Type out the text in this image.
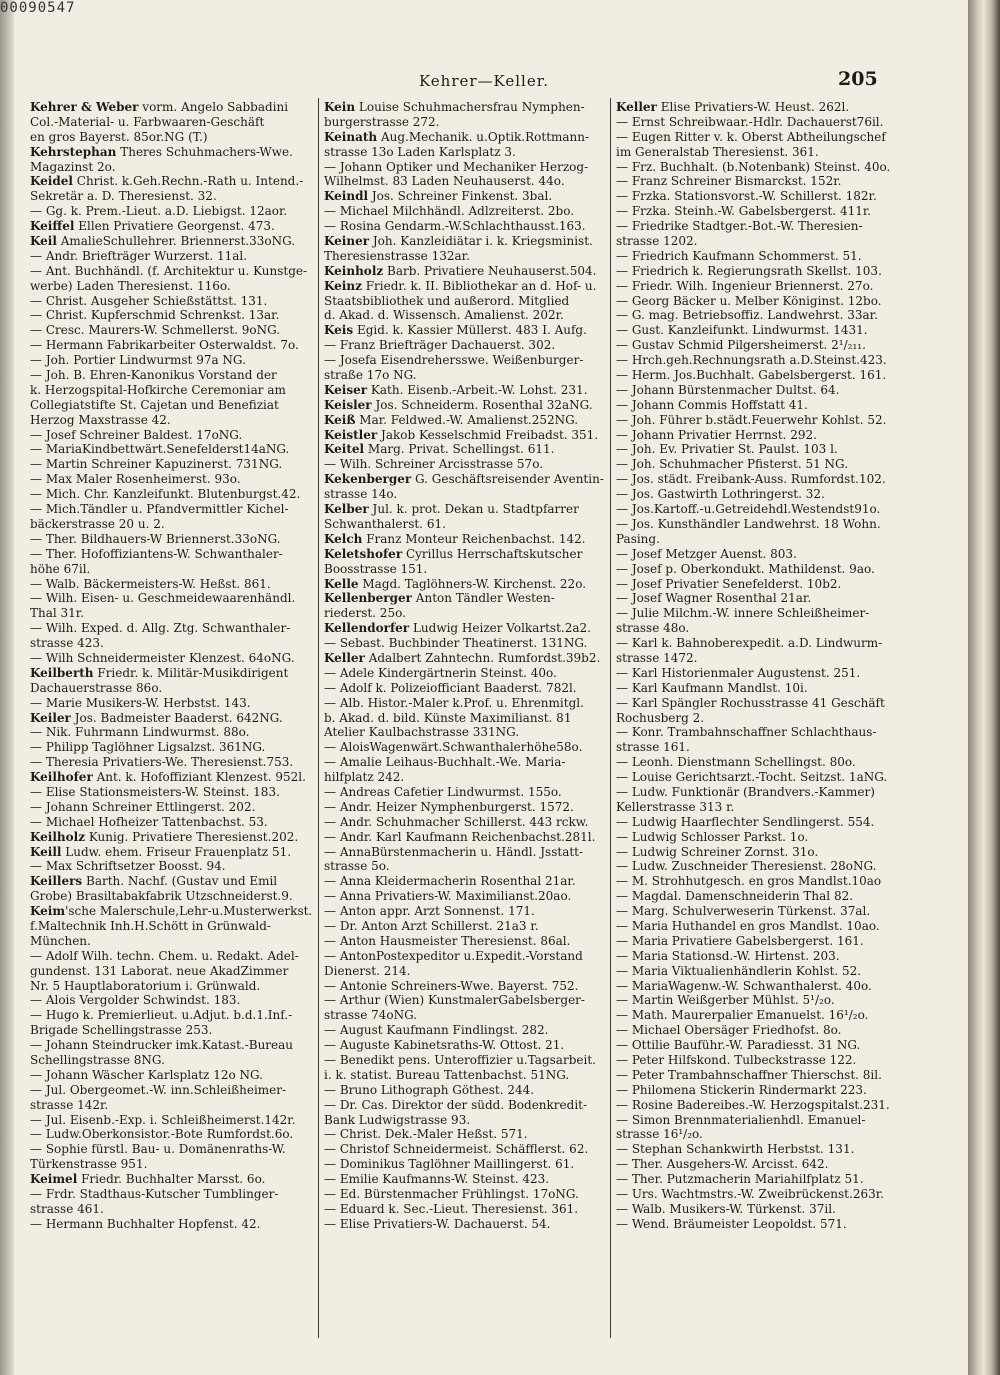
00090547
Kehrer—Keller.	205
Kehrer & Weber vorm. Angelo Sabbadini
Col.-Material- u. Farbwaaren-Geschäft
en gros Bayerst. 85or.NG (T.)
Kehrstephan Theres Schuhmachers-Wwe.
Magazinst 2o.
Keidel Christ. k.Geh.Rechn.-Rath u. Intend.-
Sekretär a. D. Theresienst. 32.
— Gg. k. Prem.-Lieut. a.D. Liebigst. 12aor.
Keiffel Ellen Privatiere Georgenst. 473.
Keil AmalieSchullehrer. Briennerst.33oNG.
— Andr. Briefträger Wurzerst. 11al.
— Ant. Buchhändl. (f. Architektur u. Kunstge-
werbe) Laden Theresienst. 116o.
— Christ. Ausgeher Schießstättst. 131.
— Christ. Kupferschmid Schrenkst. 13ar.
— Cresc. Maurers-W. Schmellerst. 9oNG.
— Hermann Fabrikarbeiter Osterwaldst. 7o.
— Joh. Portier Lindwurmst 97a NG.
— Joh. B. Ehren-Kanonikus Vorstand der
k. Herzogspital-Hofkirche Ceremoniar am
Collegiatstifte St. Cajetan und Benefiziat
Herzog Maxstrasse 42.
— Josef Schreiner Baldest. 17oNG.
— MariaKindbettwärt.Senefelderst14aNG.
— Martin Schreiner Kapuzinerst. 731NG.
— Max Maler Rosenheimerst. 93o.
— Mich. Chr. Kanzleifunkt. Blutenburgst.42.
— Mich.Tändler u. Pfandvermittler Kichel-
bäckerstrasse 20 u. 2.
— Ther. Bildhauers-W Briennerst.33oNG.
— Ther. Hofoffiziantens-W. Schwanthaler-
höhe 67il.
— Walb. Bäckermeisters-W. Heßst. 861.
— Wilh. Eisen- u. Geschmeidewaarenhändl.
Thal 31r.
— Wilh. Exped. d. Allg. Ztg. Schwanthaler-
strasse 423.
— Wilh Schneidermeister Klenzest. 64oNG.
Keilberth Friedr. k. Militär-Musikdirigent
Dachauerstrasse 86o.
— Marie Musikers-W. Herbstst. 143.
Keiler Jos. Badmeister Baaderst. 642NG.
— Nik. Fuhrmann Lindwurmst. 88o.
— Philipp Taglöhner Ligsalzst. 361NG.
— Theresia Privatiers-We. Theresienst.753.
Keilhofer Ant. k. Hofoffiziant Klenzest. 952l.
— Elise Stationsmeisters-W. Steinst. 183.
— Johann Schreiner Ettlingerst. 202.
— Michael Hofheizer Tattenbachst. 53.
Keilholz Kunig. Privatiere Theresienst.202.
Keill Ludw. ehem. Friseur Frauenplatz 51.
— Max Schriftsetzer Boosst. 94.
Keillers Barth. Nachf. (Gustav und Emil
Grobe) Brasiltabakfabrik Utzschneiderst.9.
Keim'sche Malerschule,Lehr-u.Musterwerkst.
f.Maltechnik Inh.H.Schött in Grünwald-
München.
— Adolf Wilh. techn. Chem. u. Redakt. Adel-
gundenst. 131 Laborat. neue AkadZimmer
Nr. 5 Hauptlaboratorium i. Grünwald.
— Alois Vergolder Schwindst. 183.
— Hugo k. Premierlieut. u.Adjut. b.d.1.Inf.-
Brigade Schellingstrasse 253.
— Johann Steindrucker imk.Katast.-Bureau
Schellingstrasse 8NG.
— Johann Wäscher Karlsplatz 12o NG.
— Jul. Obergeomet.-W. inn.Schleißheimer-
strasse 142r.
— Jul. Eisenb.-Exp. i. Schleißheimerst.142r.
— Ludw.Oberkonsistor.-Bote Rumfordst.6o.
— Sophie fürstl. Bau- u. Domänenraths-W.
Türkenstrasse 951.
Keimel Friedr. Buchhalter Marsst. 6o.
— Frdr. Stadthaus-Kutscher Tumblinger-
strasse 461.
— Hermann Buchhalter Hopfenst. 42.
Kein Louise Schuhmachersfrau Nymphen-
burgerstrasse 272.
Keinath Aug.Mechanik. u.Optik.Rottmann-
strasse 13o Laden Karlsplatz 3.
— Johann Optiker und Mechaniker Herzog-
Wilhelmst. 83 Laden Neuhauserst. 44o.
Keindl Jos. Schreiner Finkenst. 3bal.
— Michael Milchhändl. Adlzreiterst. 2bo.
— Rosina Gendarm.-W.Schlachthausst.163.
Keiner Joh. Kanzleidiätar i. k. Kriegsminist.
Theresienstrasse 132ar.
Keinholz Barb. Privatiere Neuhauserst.504.
Keinz Friedr. k. II. Bibliothekar an d. Hof- u.
Staatsbibliothek und außerord. Mitglied
d. Akad. d. Wissensch. Amalienst. 202r.
Keis Egid. k. Kassier Müllerst. 483 I. Aufg.
— Franz Briefträger Dachauerst. 302.
— Josefa Eisendrehersswe. Weißenburger-
straße 17o NG.
Keiser Kath. Eisenb.-Arbeit.-W. Lohst. 231.
Keisler Jos. Schneiderm. Rosenthal 32aNG.
Keiß Mar. Feldwed.-W. Amalienst.252NG.
Keistler Jakob Kesselschmid Freibadst. 351.
Keitel Marg. Privat. Schellingst. 611.
— Wilh. Schreiner Arcisstrasse 57o.
Kekenberger G. Geschäftsreisender Aventin-
strasse 14o.
Kelber Jul. k. prot. Dekan u. Stadtpfarrer
Schwanthalerst. 61.
Kelch Franz Monteur Reichenbachst. 142.
Keletshofer Cyrillus Herrschaftskutscher
Boosstrasse 151.
Kelle Magd. Taglöhners-W. Kirchenst. 22o.
Kellenberger Anton Tändler Westen-
riederst. 25o.
Kellendorfer Ludwig Heizer Volkartst.2a2.
— Sebast. Buchbinder Theatinerst. 131NG.
Keller Adalbert Zahntechn. Rumfordst.39b2.
— Adele Kindergärtnerin Steinst. 40o.
— Adolf k. Polizeiofficiant Baaderst. 782l.
— Alb. Histor.-Maler k.Prof. u. Ehrenmitgl.
b. Akad. d. bild. Künste Maximilianst. 81
Atelier Kaulbachstrasse 331NG.
— AloisWagenwärt.Schwanthalerhöhe58o.
— Amalie Leihaus-Buchhalt.-We. Maria-
hilfplatz 242.
— Andreas Cafetier Lindwurmst. 155o.
— Andr. Heizer Nymphenburgerst. 1572.
— Andr. Schuhmacher Schillerst. 443 rckw.
— Andr. Karl Kaufmann Reichenbachst.281l.
— AnnaBürstenmacherin u. Händl. Jsstatt-
strasse 5o.
— Anna Kleidermacherin Rosenthal 21ar.
— Anna Privatiers-W. Maximilianst.20ao.
— Anton appr. Arzt Sonnenst. 171.
— Dr. Anton Arzt Schillerst. 21a3 r.
— Anton Hausmeister Theresienst. 86al.
— AntonPostexpeditor u.Expedit.-Vorstand
Dienerst. 214.
— Antonie Schreiners-Wwe. Bayerst. 752.
— Arthur (Wien) KunstmalerGabelsberger-
strasse 74oNG.
— August Kaufmann Findlingst. 282.
— Auguste Kabinetsraths-W. Ottost. 21.
— Benedikt pens. Unteroffizier u.Tagsarbeit.
i. k. statist. Bureau Tattenbachst. 51NG.
— Bruno Lithograph Göthest. 244.
— Dr. Cas. Direktor der südd. Bodenkredit-
Bank Ludwigstrasse 93.
— Christ. Dek.-Maler Heßst. 571.
— Christof Schneidermeist. Schäfflerst. 62.
— Dominikus Taglöhner Maillingerst. 61.
— Emilie Kaufmanns-W. Steinst. 423.
— Ed. Bürstenmacher Frühlingst. 17oNG.
— Eduard k. Sec.-Lieut. Theresienst. 361.
— Elise Privatiers-W. Dachauerst. 54.
Keller Elise Privatiers-W. Heust. 262l.
— Ernst Schreibwaar.-Hdlr. Dachauerst76il.
— Eugen Ritter v. k. Oberst Abtheilungschef
im Generalstab Theresienst. 361.
— Frz. Buchhalt. (b.Notenbank) Steinst. 40o.
— Franz Schreiner Bismarckst. 152r.
— Frzka. Stationsvorst.-W. Schillerst. 182r.
— Frzka. Steinh.-W. Gabelsbergerst. 411r.
— Friedrike Stadtger.-Bot.-W. Theresien-
strasse 1202.
— Friedrich Kaufmann Schommerst. 51.
— Friedrich k. Regierungsrath Skellst. 103.
— Friedr. Wilh. Ingenieur Briennerst. 27o.
— Georg Bäcker u. Melber Königinst. 12bo.
— G. mag. Betriebsoffiz. Landwehrst. 33ar.
— Gust. Kanzleifunkt. Lindwurmst. 1431.
— Gustav Schmid Pilgersheimerst. 2¹/₂₁₁.
— Hrch.geh.Rechnungsrath a.D.Steinst.423.
— Herm. Jos.Buchhalt. Gabelsbergerst. 161.
— Johann Bürstenmacher Dultst. 64.
— Johann Commis Hoffstatt 41.
— Joh. Führer b.städt.Feuerwehr Kohlst. 52.
— Johann Privatier Herrnst. 292.
— Joh. Ev. Privatier St. Paulst. 103 l.
— Joh. Schuhmacher Pfisterst. 51 NG.
— Jos. städt. Freibank-Auss. Rumfordst.102.
— Jos. Gastwirth Lothringerst. 32.
— Jos.Kartoff.-u.Getreidehdl.Westendst91o.
— Jos. Kunsthändler Landwehrst. 18 Wohn.
Pasing.
— Josef Metzger Auenst. 803.
— Josef p. Oberkondukt. Mathildenst. 9ao.
— Josef Privatier Senefelderst. 10b2.
— Josef Wagner Rosenthal 21ar.
— Julie Milchm.-W. innere Schleißheimer-
strasse 48o.
— Karl k. Bahnoberexpedit. a.D. Lindwurm-
strasse 1472.
— Karl Historienmaler Augustenst. 251.
— Karl Kaufmann Mandlst. 10i.
— Karl Spängler Rochusstrasse 41 Geschäft
Rochusberg 2.
— Konr. Trambahnschaffner Schlachthaus-
strasse 161.
— Leonh. Dienstmann Schellingst. 80o.
— Louise Gerichtsarzt.-Tocht. Seitzst. 1aNG.
— Ludw. Funktionär (Brandvers.-Kammer)
Kellerstrasse 313 r.
— Ludwig Haarflechter Sendlingerst. 554.
— Ludwig Schlosser Parkst. 1o.
— Ludwig Schreiner Zornst. 31o.
— Ludw. Zuschneider Theresienst. 28oNG.
— M. Strohhutgesch. en gros Mandlst.10ao
— Magdal. Damenschneiderin Thal 82.
— Marg. Schulverweserin Türkenst. 37al.
— Maria Huthandel en gros Mandlst. 10ao.
— Maria Privatiere Gabelsbergerst. 161.
— Maria Stationsd.-W. Hirtenst. 203.
— Maria Viktualienhändlerin Kohlst. 52.
— MariaWagenw.-W. Schwanthalerst. 40o.
— Martin Weißgerber Mühlst. 5¹/₂o.
— Math. Maurerpalier Emanuelst. 16¹/₂o.
— Michael Obersäger Friedhofst. 8o.
— Ottilie Bauführ.-W. Paradiesst. 31 NG.
— Peter Hilfskond. Tulbeckstrasse 122.
— Peter Trambahnschaffner Thierschst. 8il.
— Philomena Stickerin Rindermarkt 223.
— Rosine Badereibes.-W. Herzogspitalst.231.
— Simon Brennmaterialienhdl. Emanuel-
strasse 16¹/₂o.
— Stephan Schankwirth Herbstst. 131.
— Ther. Ausgehers-W. Arcisst. 642.
— Ther. Putzmacherin Mariahilfplatz 51.
— Urs. Wachtmstrs.-W. Zweibrückenst.263r.
— Walb. Musikers-W. Türkenst. 37il.
— Wend. Bräumeister Leopoldst. 571.
